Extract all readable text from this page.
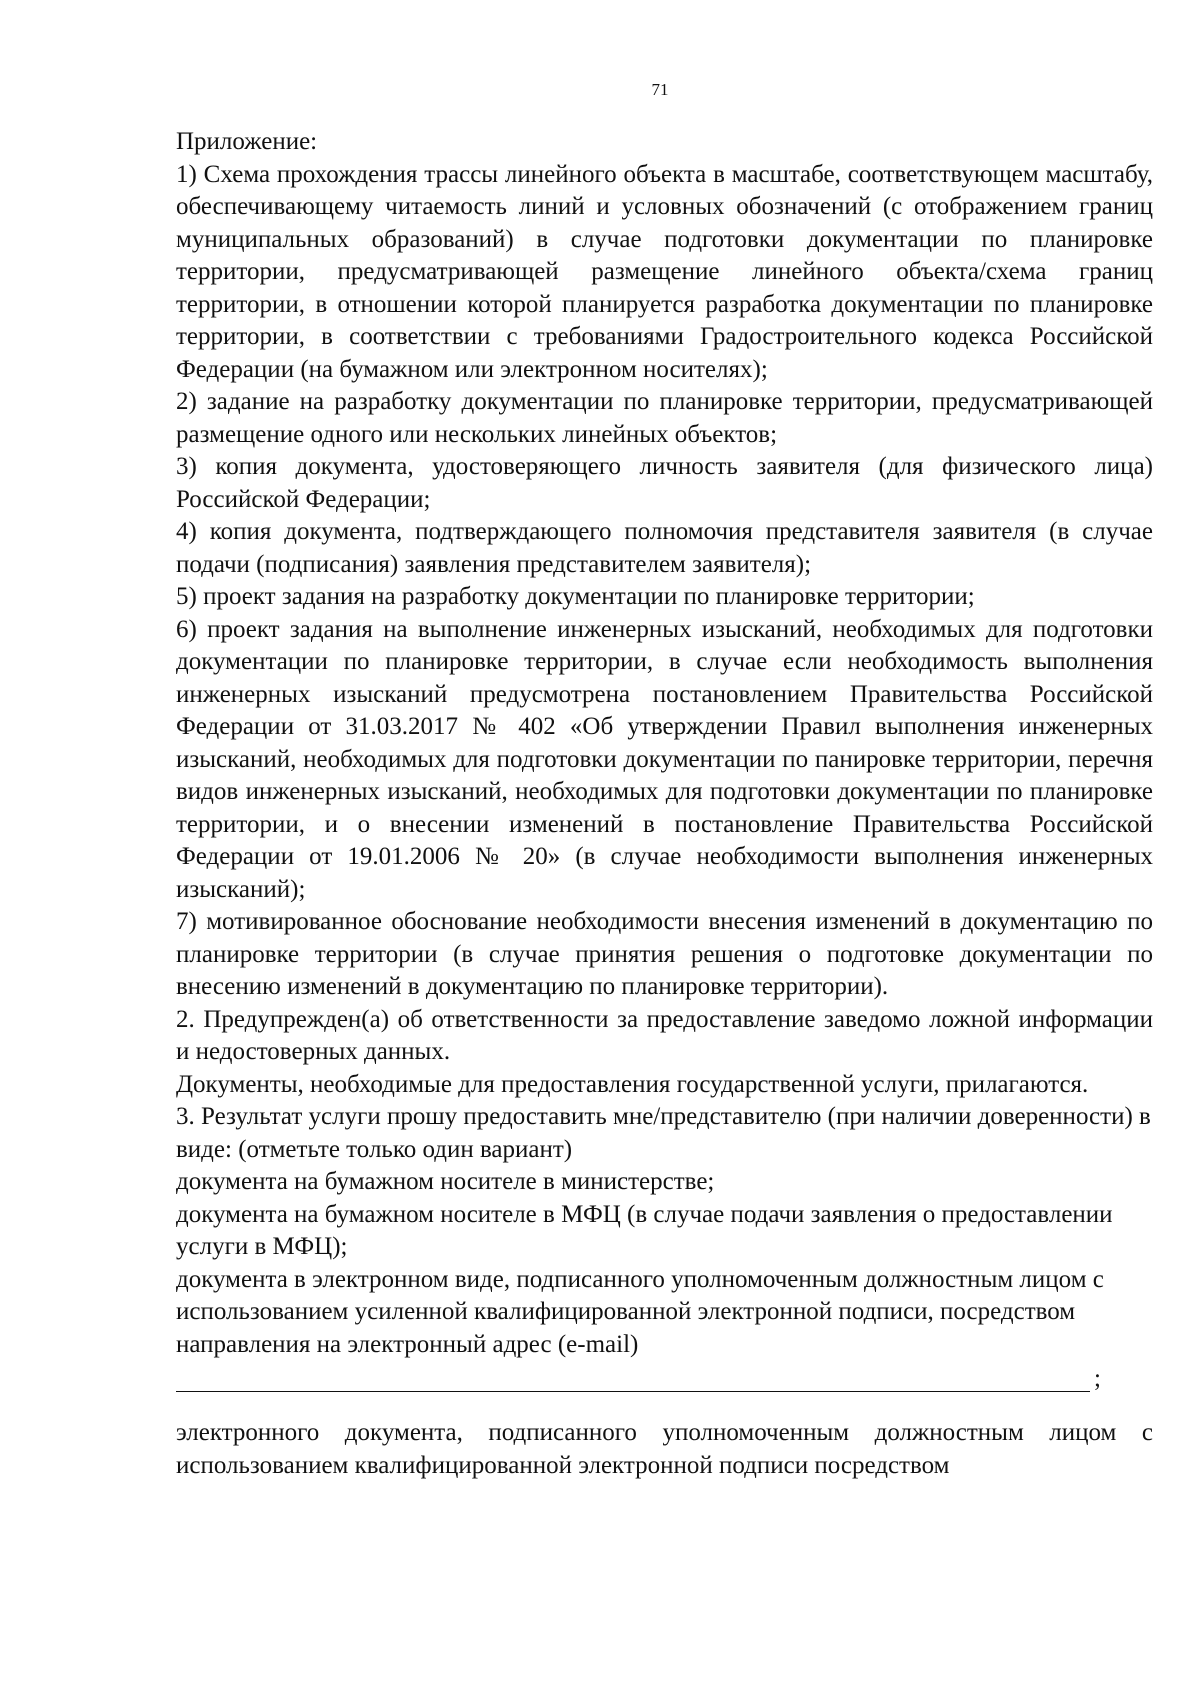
71

Приложение:

1) Схема прохождения трассы линейного объекта в масштабе, соответствующем масштабу, обеспечивающему читаемость линий и условных обозначений (с отображением границ муниципальных образований) в случае подготовки документации по планировке территории, предусматривающей размещение линейного объекта/схема границ территории, в отношении которой планируется разработка документации по планировке территории, в соответствии с требованиями Градостроительного кодекса Российской Федерации (на бумажном или электронном носителях);

2) задание на разработку документации по планировке территории, предусматривающей размещение одного или нескольких линейных объектов;

3) копия документа, удостоверяющего личность заявителя (для физического лица) Российской Федерации;

4) копия документа, подтверждающего полномочия представителя заявителя (в случае подачи (подписания) заявления представителем заявителя);

5) проект задания на разработку документации по планировке территории;

6) проект задания на выполнение инженерных изысканий, необходимых для подготовки документации по планировке территории, в случае если необходимость выполнения инженерных изысканий предусмотрена постановлением Правительства Российской Федерации от 31.03.2017 № 402 «Об утверждении Правил выполнения инженерных изысканий, необходимых для подготовки документации по панировке территории, перечня видов инженерных изысканий, необходимых для подготовки документации по планировке территории, и о внесении изменений в постановление Правительства Российской Федерации от 19.01.2006 № 20» (в случае необходимости выполнения инженерных изысканий);

7) мотивированное обоснование необходимости внесения изменений в документацию по планировке территории (в случае принятия решения о подготовке документации по внесению изменений в документацию по планировке территории).

2. Предупрежден(а) об ответственности за предоставление заведомо ложной информации и недостоверных данных.

Документы, необходимые для предоставления государственной услуги, прилагаются.

3. Результат услуги прошу предоставить мне/представителю (при наличии доверенности) в виде: (отметьте только один вариант)

документа на бумажном носителе в министерстве;

документа на бумажном носителе в МФЦ (в случае подачи заявления о предоставлении услуги в МФЦ);

документа в электронном виде, подписанного уполномоченным должностным лицом с использованием усиленной квалифицированной электронной подписи, посредством направления на электронный адрес (e-mail)

;

электронного документа, подписанного уполномоченным должностным лицом с использованием квалифицированной электронной подписи посредством
